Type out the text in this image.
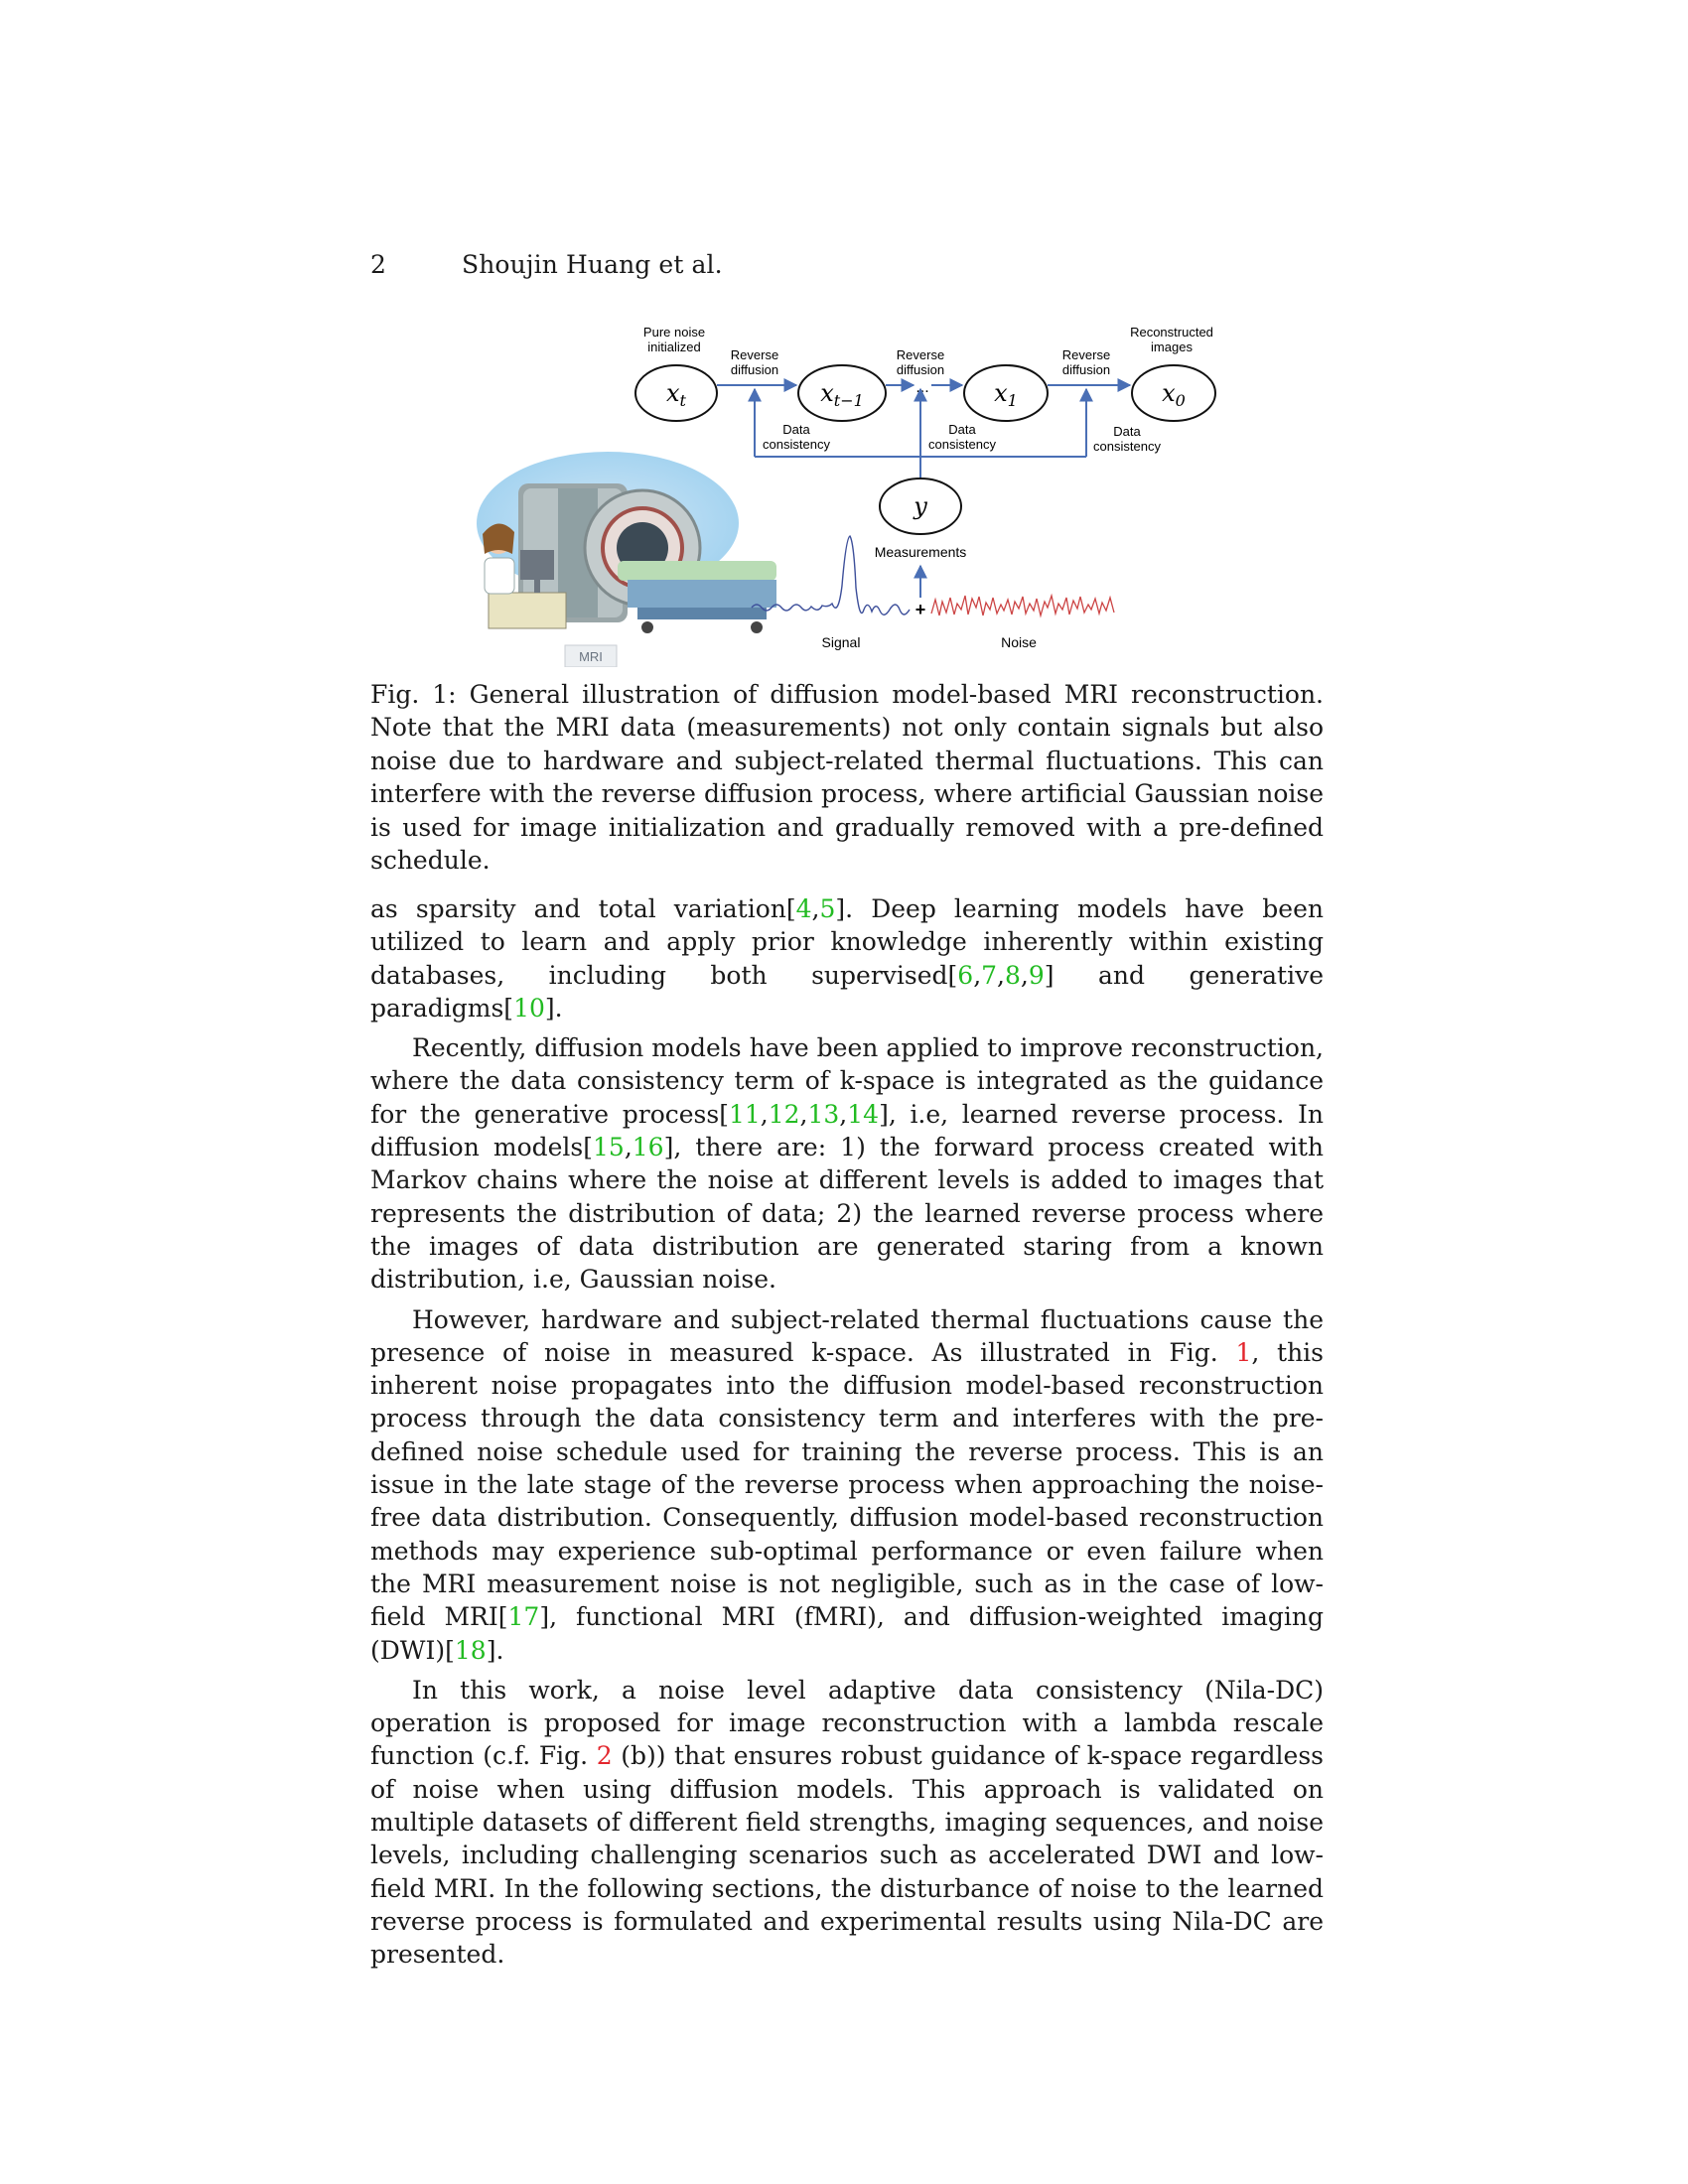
2	Shoujin Huang et al.
MRI
Pure noise
initialized
Reverse
diffusion
Reverse
diffusion
Reverse
diffusion
Reconstructed
images
$x_t$	$x_{t-1}$
...	$x_1$	$x_0$
Data
consistency
Data
consistency
Data
consistency
y
Measurements
+
Signal	Noise
Fig. 1: General illustration of diffusion model-based MRI reconstruction. Note that the MRI data (measurements) not only contain signals but also noise due to hardware and subject-related thermal fluctuations. This can interfere with the reverse diffusion process, where artificial Gaussian noise is used for image initialization and gradually removed with a pre-defined schedule.

as sparsity and total variation[4,5]. Deep learning models have been utilized to learn and apply prior knowledge inherently within existing databases, including both supervised[6,7,8,9] and generative paradigms[10].

Recently, diffusion models have been applied to improve reconstruction, where the data consistency term of k-space is integrated as the guidance for the generative process[11,12,13,14], i.e, learned reverse process. In diffusion models[15,16], there are: 1) the forward process created with Markov chains where the noise at different levels is added to images that represents the distribution of data; 2) the learned reverse process where the images of data distribution are generated staring from a known distribution, i.e, Gaussian noise.

However, hardware and subject-related thermal fluctuations cause the presence of noise in measured k-space. As illustrated in Fig. 1, this inherent noise propagates into the diffusion model-based reconstruction process through the data consistency term and interferes with the pre-defined noise schedule used for training the reverse process. This is an issue in the late stage of the reverse process when approaching the noise-free data distribution. Consequently, diffusion model-based reconstruction methods may experience sub-optimal performance or even failure when the MRI measurement noise is not negligible, such as in the case of low-field MRI[17], functional MRI (fMRI), and diffusion-weighted imaging (DWI)[18].

In this work, a noise level adaptive data consistency (Nila-DC) operation is proposed for image reconstruction with a lambda rescale function (c.f. Fig. 2 (b)) that ensures robust guidance of k-space regardless of noise when using diffusion models. This approach is validated on multiple datasets of different field strengths, imaging sequences, and noise levels, including challenging scenarios such as accelerated DWI and low-field MRI. In the following sections, the disturbance of noise to the learned reverse process is formulated and experimental results using Nila-DC are presented.
